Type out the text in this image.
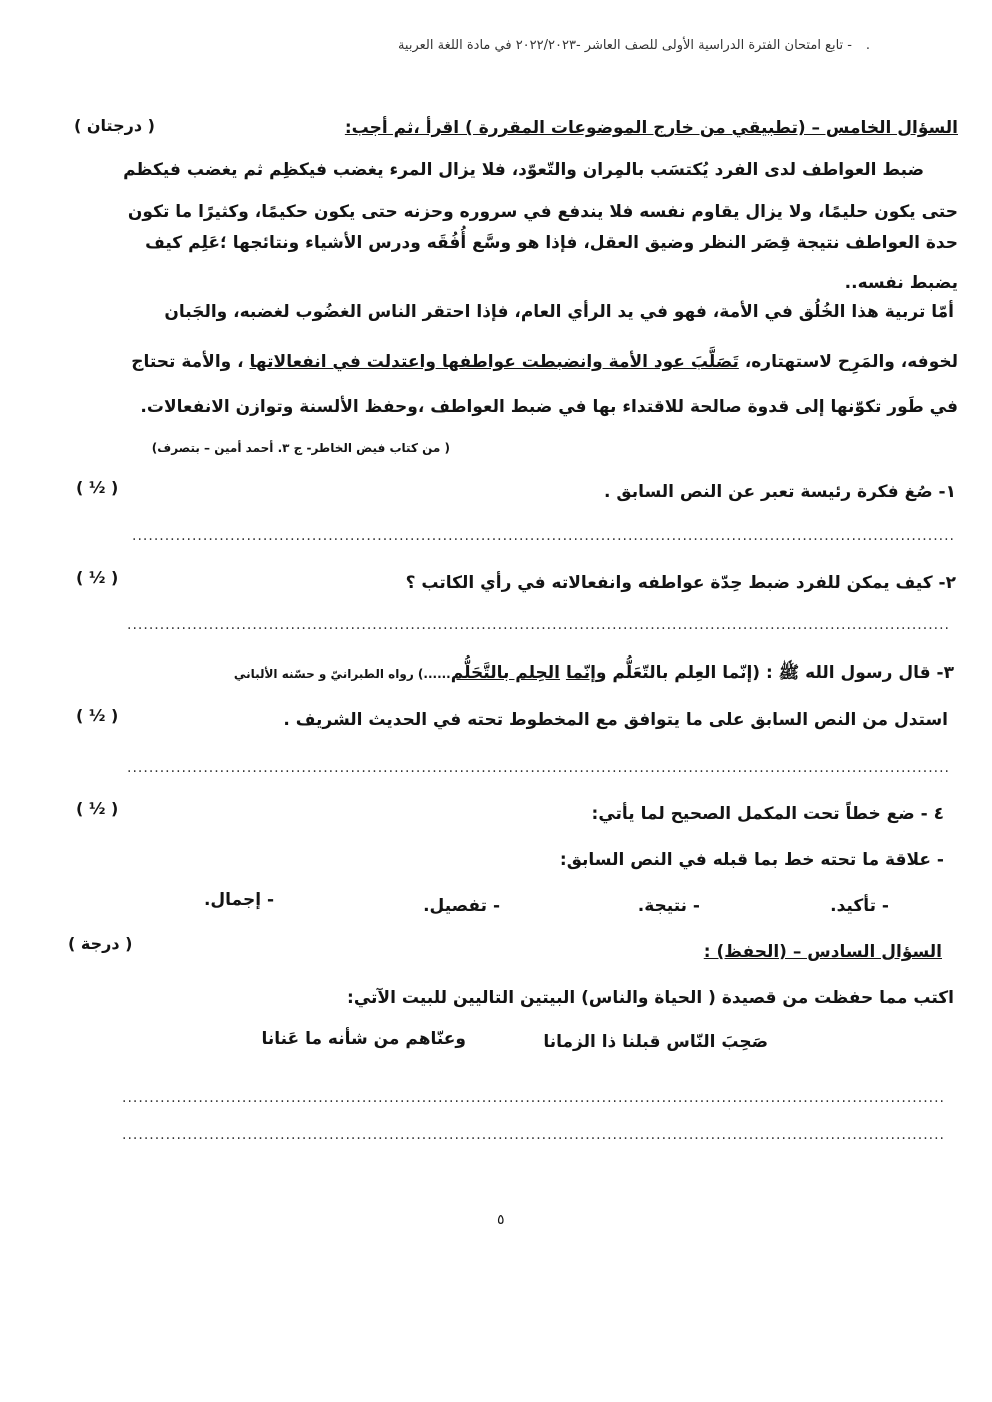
- تابع امتحان الفترة الدراسية الأولى للصف العاشر -٢٠٢٢/٢٠٢٣ في مادة اللغة العربية .
السؤال الخامس – (تطبيقي من خارج الموضوعات المقررة ) اقرأ ،ثم أجب:
( درجتان )
ضبط العواطف لدى الفرد يُكتسَب بالمِران والتّعوّد، فلا يزال المرء يغضب فيكظِم ثم يغضب فيكظم
حتى يكون حليمًا، ولا يزال يقاوم نفسه فلا يندفع في سروره وحزنه حتى يكون حكيمًا، وكثيرًا ما تكون
حدة العواطف نتيجة قِصَر النظر وضيق العقل، فإذا هو وسَّع أُفُقَه ودرس الأشياء ونتائجها ؛عَلِم كيف
يضبط نفسه..
أمّا تربية هذا الخُلُق في الأمة، فهو في يد الرأي العام، فإذا احتقر الناس الغضُوب لغضبه، والجَبان
لخوفه، والمَرِح لاستهتاره، تَصَلَّبَ عود الأمة وانضبطت عواطفها واعتدلت في انفعالاتها ، والأمة تحتاج
في طَور تكوّنها إلى قدوة صالحة للاقتداء بها في ضبط العواطف ،وحفظ الألسنة وتوازن الانفعالات.
( من كتاب فيض الخاطر- ج ٣. أحمد أمين – بتصرف)
١- صُغ فكرة رئيسة تعبر عن النص السابق .
( ½ )
.......................................................................................................................................................
٢- كيف يمكن للفرد ضبط حِدّة عواطفه وانفعالاته في رأي الكاتب ؟
( ½ )
.......................................................................................................................................................
٣- قال رسول الله ﷺ : (إنّما العِلم بالتّعَلُّم وإنّما الحِلم بالتَّحَلُّم......) رواه الطبرانيّ و حسّنه الألباني
استدل من النص السابق على ما يتوافق مع المخطوط تحته في الحديث الشريف .
( ½ )
.......................................................................................................................................................
٤ - ضع خطاً تحت المكمل الصحيح لما يأتي:
( ½ )
- علاقة ما تحته خط بما قبله في النص السابق:
- تأكيد.
- نتيجة.
- تفصيل.
- إجمال.
السؤال السادس – (الحفظ) :
( درجة )
اكتب مما حفظت من قصيدة ( الحياة والناس) البيتين التاليين للبيت الآتي:
صَحِبَ النّاس قبلنا ذا الزمانا
وعنّاهم من شأنه ما عَنانا
.......................................................................................................................................................
.......................................................................................................................................................
٥
